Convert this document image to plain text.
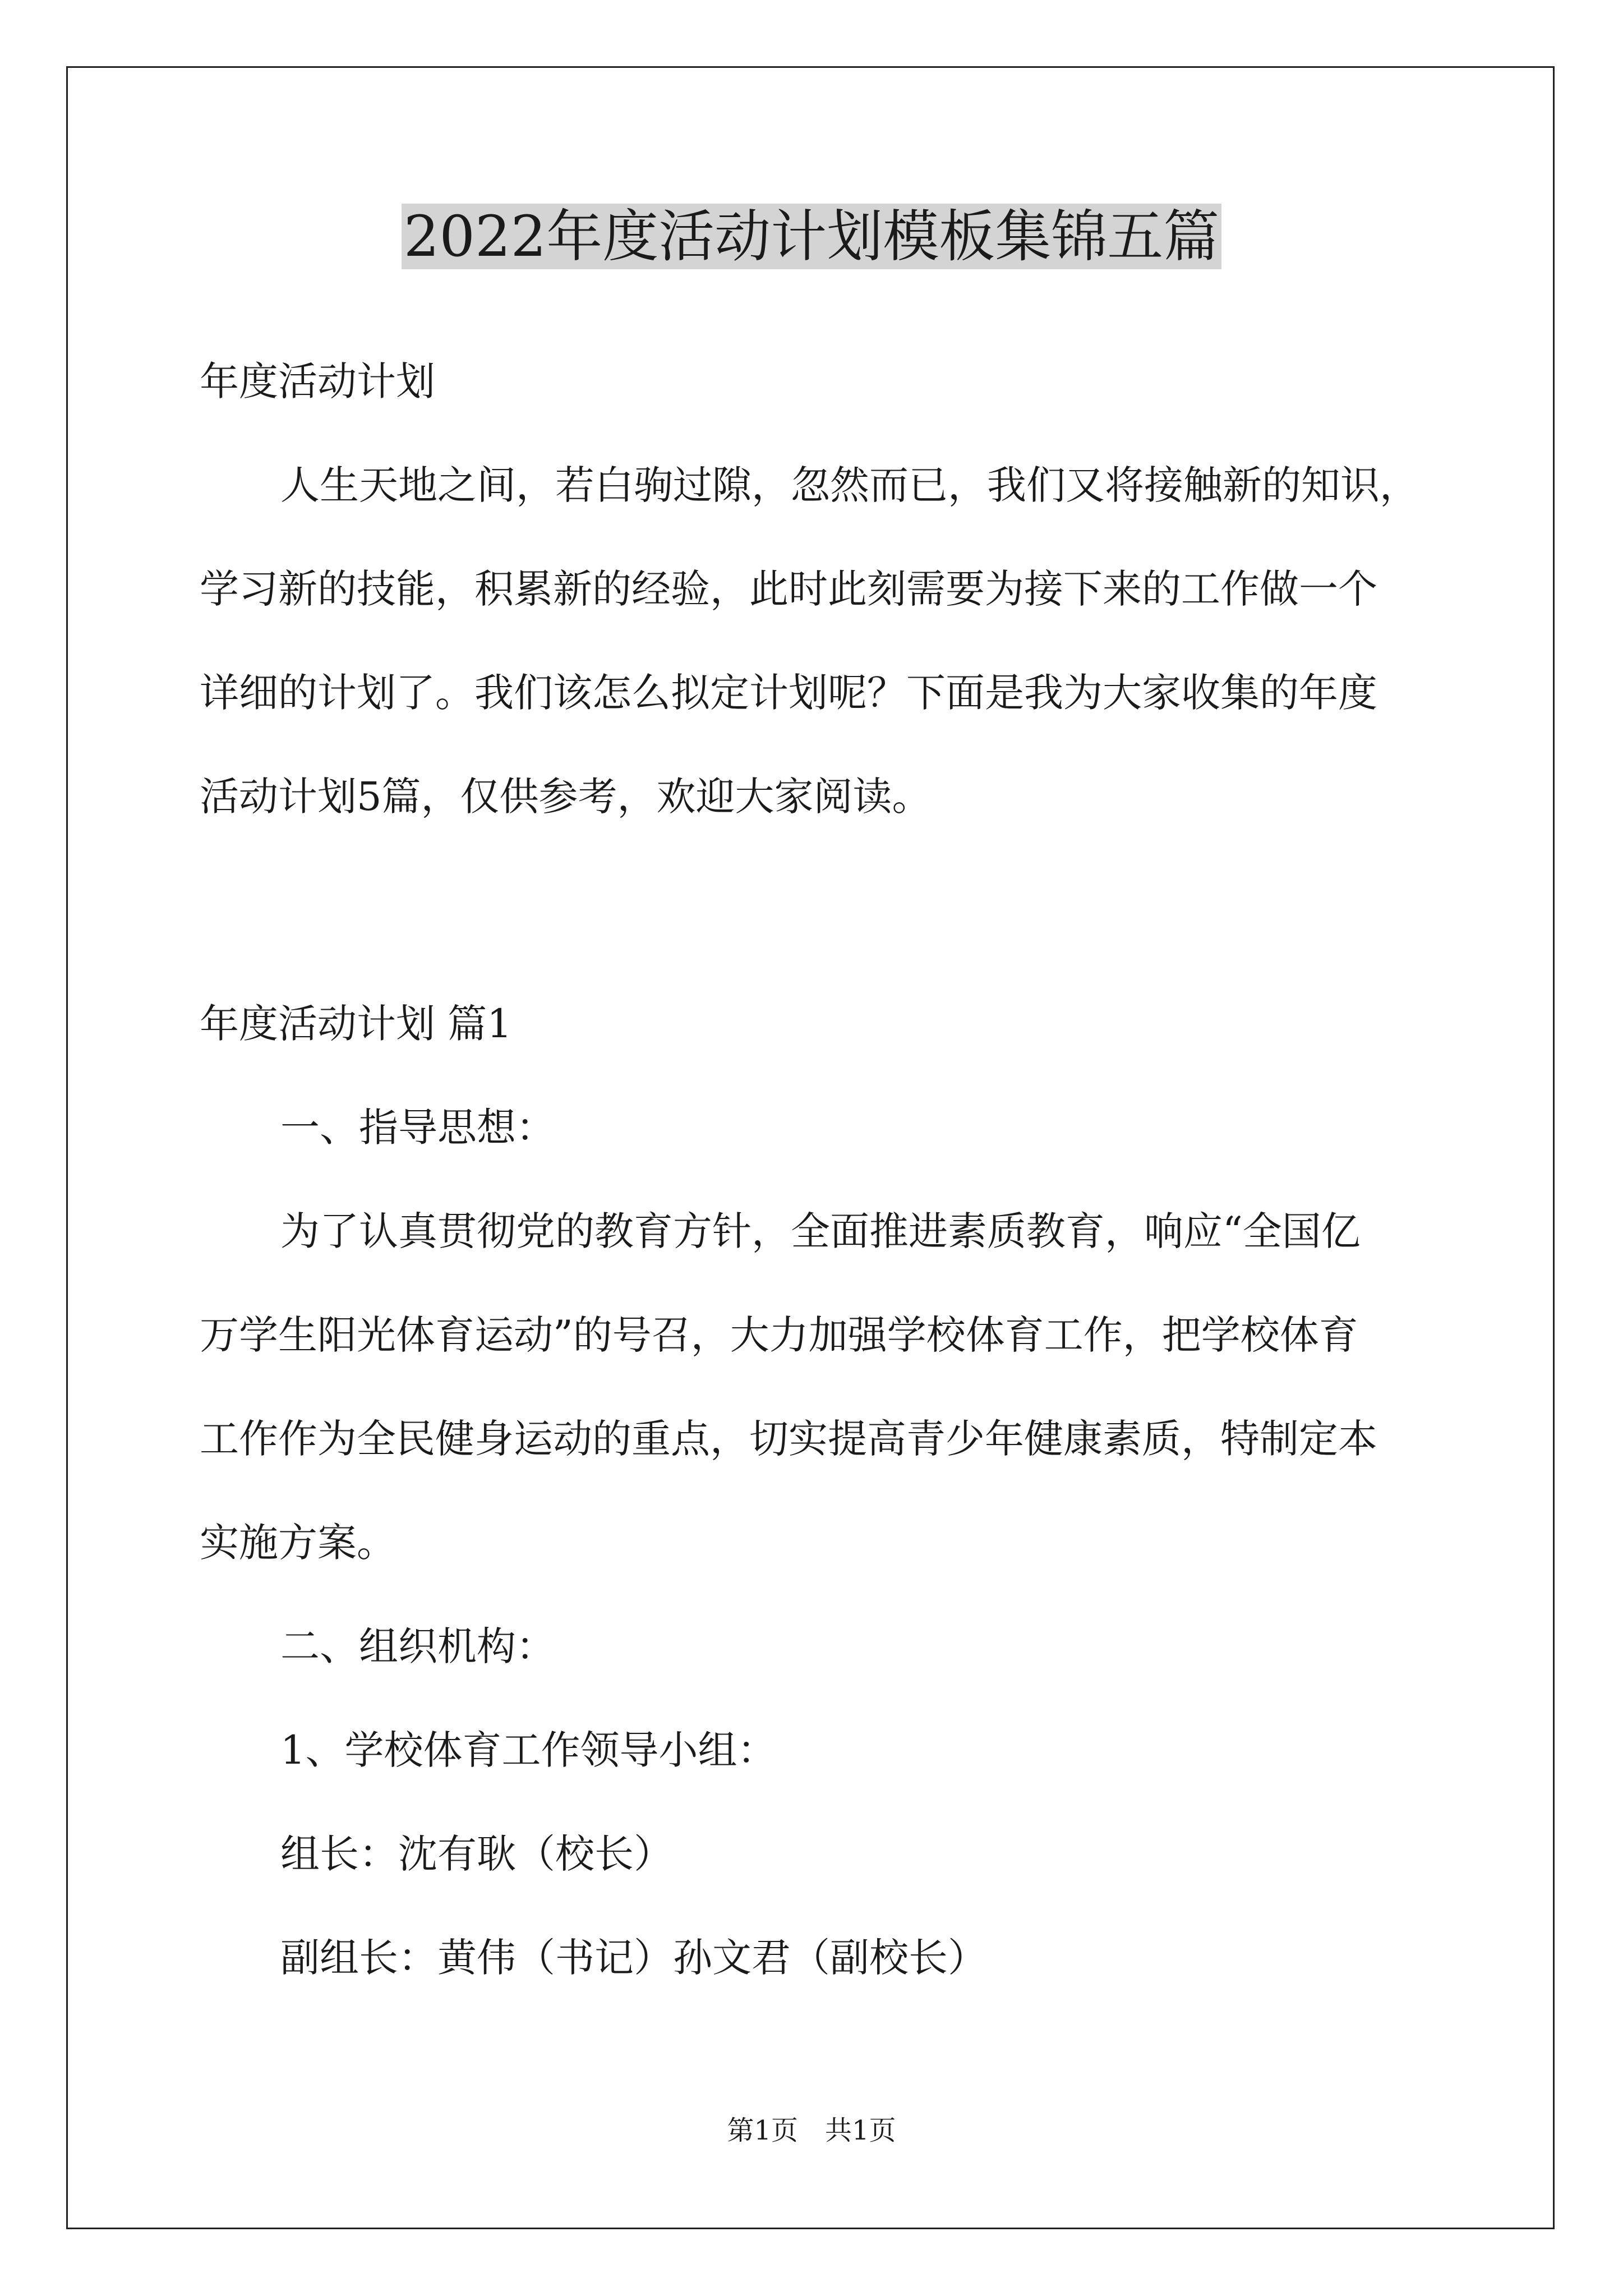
2022年度活动计划模板集锦五篇
年度活动计划
人生天地之间，若白驹过隙，忽然而已，我们又将接触新的知识，
学习新的技能，积累新的经验，此时此刻需要为接下来的工作做一个
详细的计划了。我们该怎么拟定计划呢？下面是我为大家收集的年度
活动计划5篇，仅供参考，欢迎大家阅读。
年度活动计划 篇1
一、指导思想：
为了认真贯彻党的教育方针，全面推进素质教育，响应“全国亿
万学生阳光体育运动”的号召，大力加强学校体育工作，把学校体育
工作作为全民健身运动的重点，切实提高青少年健康素质，特制定本
实施方案。
二、组织机构：
1、学校体育工作领导小组：
组长：沈有耿（校长）
副组长：黄伟（书记）孙文君（副校长）
第1页　共1页
